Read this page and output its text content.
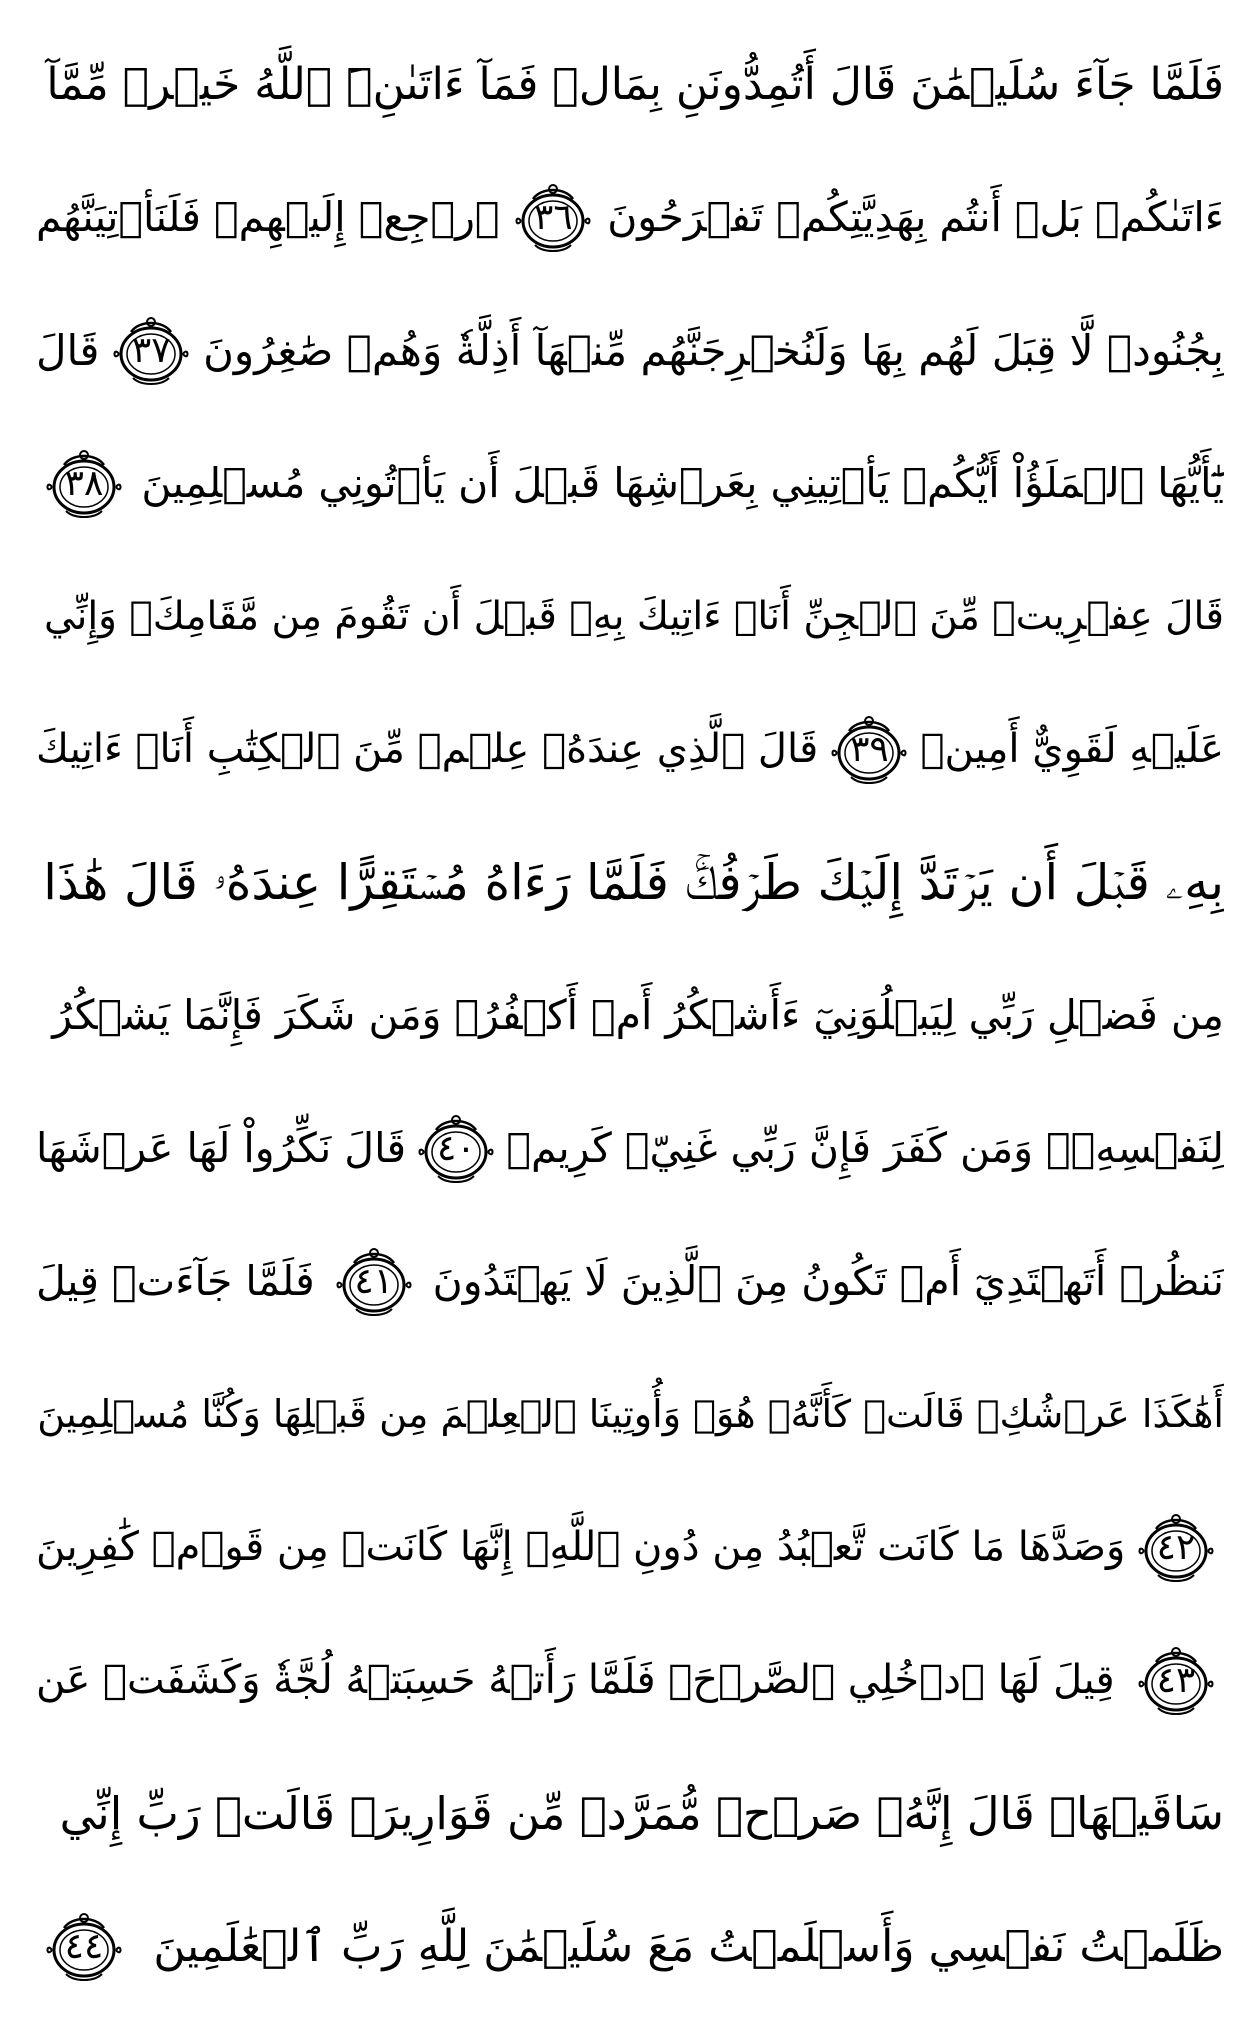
فَلَمَّا جَآءَ سُلَيۡمَٰنَ قَالَ أَتُمِدُّونَنِ بِمَالٖ فَمَآ ءَاتَىٰنِۦَ ٱللَّهُ خَيۡرٞ مِّمَّآ
ءَاتَىٰكُمۚ بَلۡ أَنتُم بِهَدِيَّتِكُمۡ تَفۡرَحُونَ
٣٦
ٱرۡجِعۡ إِلَيۡهِمۡ فَلَنَأۡتِيَنَّهُم
بِجُنُودٖ لَّا قِبَلَ لَهُم بِهَا وَلَنُخۡرِجَنَّهُم مِّنۡهَآ أَذِلَّةٗ وَهُمۡ صَٰغِرُونَ
٣٧
قَالَ
يَٰٓأَيُّهَا ٱلۡمَلَؤُاْ أَيُّكُمۡ يَأۡتِينِي بِعَرۡشِهَا قَبۡلَ أَن يَأۡتُونِي مُسۡلِمِينَ
٣٨
قَالَ عِفۡرِيتٞ مِّنَ ٱلۡجِنِّ أَنَا۠ ءَاتِيكَ بِهِۦ قَبۡلَ أَن تَقُومَ مِن مَّقَامِكَۖ وَإِنِّي
عَلَيۡهِ لَقَوِيٌّ أَمِينٞ
٣٩
قَالَ ٱلَّذِي عِندَهُۥ عِلۡمٞ مِّنَ ٱلۡكِتَٰبِ أَنَا۠ ءَاتِيكَ
بِهِۦ قَبۡلَ أَن يَرۡتَدَّ إِلَيۡكَ طَرۡفُكَۚ فَلَمَّا رَءَاهُ مُسۡتَقِرًّا عِندَهُۥ قَالَ هَٰذَا
مِن فَضۡلِ رَبِّي لِيَبۡلُوَنِيٓ ءَأَشۡكُرُ أَمۡ أَكۡفُرُۖ وَمَن شَكَرَ فَإِنَّمَا يَشۡكُرُ
لِنَفۡسِهِۦۖ وَمَن كَفَرَ فَإِنَّ رَبِّي غَنِيّٞ كَرِيمٞ
٤٠
قَالَ نَكِّرُواْ لَهَا عَرۡشَهَا
نَنظُرۡ أَتَهۡتَدِيٓ أَمۡ تَكُونُ مِنَ ٱلَّذِينَ لَا يَهۡتَدُونَ
٤١
فَلَمَّا جَآءَتۡ قِيلَ
أَهَٰكَذَا عَرۡشُكِۖ قَالَتۡ كَأَنَّهُۥ هُوَۚ وَأُوتِينَا ٱلۡعِلۡمَ مِن قَبۡلِهَا وَكُنَّا مُسۡلِمِينَ
٤٢
وَصَدَّهَا مَا كَانَت تَّعۡبُدُ مِن دُونِ ٱللَّهِۖ إِنَّهَا كَانَتۡ مِن قَوۡمٖ كَٰفِرِينَ
٤٣
قِيلَ لَهَا ٱدۡخُلِي ٱلصَّرۡحَۖ فَلَمَّا رَأَتۡهُ حَسِبَتۡهُ لُجَّةٗ وَكَشَفَتۡ عَن
سَاقَيۡهَاۚ قَالَ إِنَّهُۥ صَرۡحٞ مُّمَرَّدٞ مِّن قَوَارِيرَۗ قَالَتۡ رَبِّ إِنِّي
ظَلَمۡتُ نَفۡسِي وَأَسۡلَمۡتُ مَعَ سُلَيۡمَٰنَ لِلَّهِ رَبِّ ٱلۡعَٰلَمِينَ
٤٤
